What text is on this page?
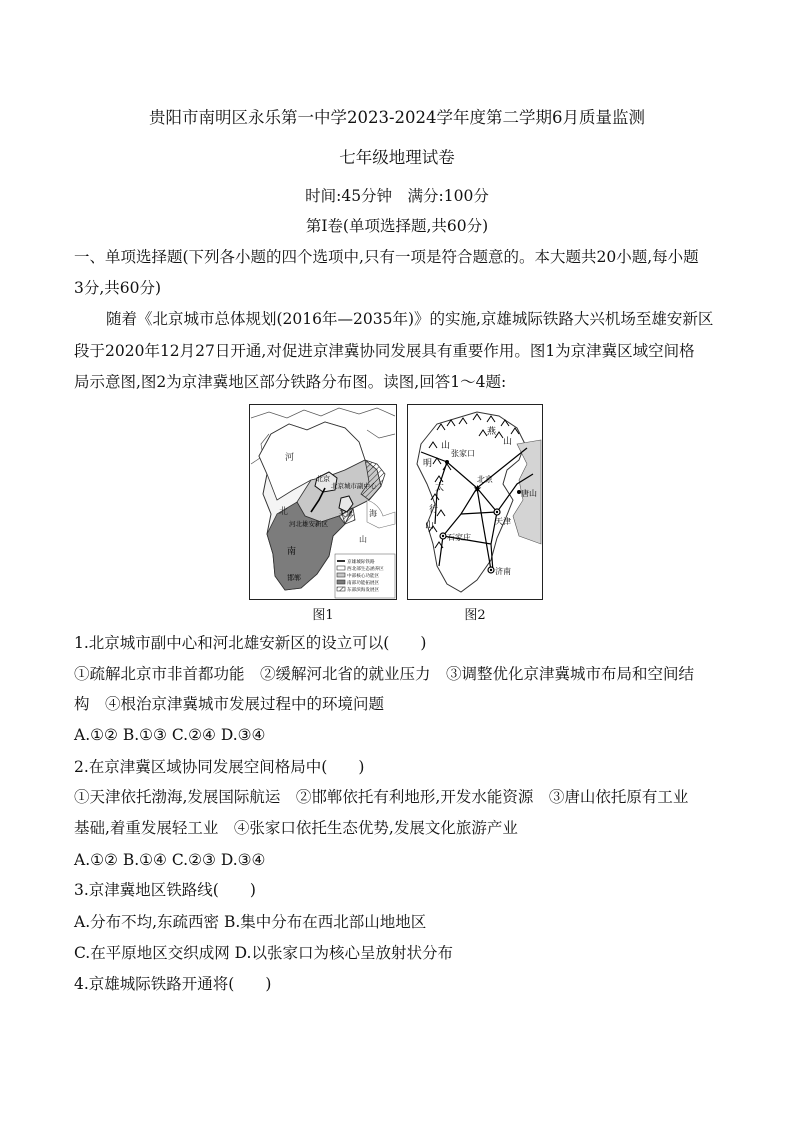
贵阳市南明区永乐第一中学2023-2024学年度第二学期6月质量监测
七年级地理试卷
时间:45分钟　满分:100分
第Ⅰ卷(单项选择题,共60分)
一、单项选择题(下列各小题的四个选项中,只有一项是符合题意的。本大题共20小题,每小题
3分,共60分)
随着《北京城市总体规划(2016年—2035年)》的实施,京雄城际铁路大兴机场至雄安新区
段于2020年12月27日开通,对促进京津冀协同发展具有重要作用。图1为京津冀区域空间格
局示意图,图2为京津冀地区部分铁路分布图。读图,回答1～4题:
河
北
北京
北京城市副中心
天津
河北雄安新区
南
邯郸
海
山
京雄城际铁路
西北部生态涵养区
中部核心功能区
南部功能拓展区
东部滨海发展区
图1
★
张家口
北京
天津
唐山
石家庄
济南
燕
山
山
太
行
山
明
图2
1.北京城市副中心和河北雄安新区的设立可以(　　)
①疏解北京市非首都功能　②缓解河北省的就业压力　③调整优化京津冀城市布局和空间结
构　④根治京津冀城市发展过程中的环境问题
A.①② B.①③ C.②④ D.③④
2.在京津冀区域协同发展空间格局中(　　)
①天津依托渤海,发展国际航运　②邯郸依托有利地形,开发水能资源　③唐山依托原有工业
基础,着重发展轻工业　④张家口依托生态优势,发展文化旅游产业
A.①② B.①④ C.②③ D.③④
3.京津冀地区铁路线(　　)
A.分布不均,东疏西密 B.集中分布在西北部山地地区
C.在平原地区交织成网 D.以张家口为核心呈放射状分布
4.京雄城际铁路开通将(　　)
